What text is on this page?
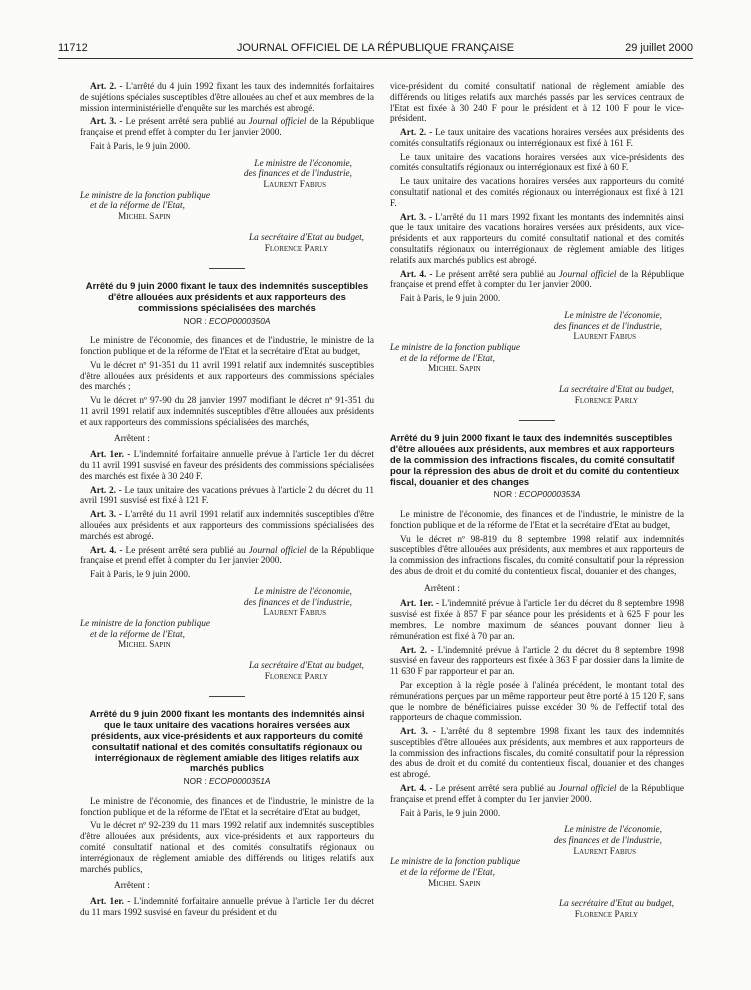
11712	JOURNAL OFFICIEL DE LA RÉPUBLIQUE FRANÇAISE	29 juillet 2000

Art. 2. - L'arrêté du 4 juin 1992 fixant les taux des indemnités forfaitaires de sujétions spéciales susceptibles d'être allouées au chef et aux membres de la mission interministérielle d'enquête sur les marchés est abrogé.

Art. 3. - Le présent arrêté sera publié au Journal officiel de la République française et prend effet à compter du 1er janvier 2000.

Fait à Paris, le 9 juin 2000.
Le ministre de l'économie,
des finances et de l'industrie,
Laurent Fabius
Le ministre de la fonction publique
et de la réforme de l'Etat,
Michel Sapin
La secrétaire d'Etat au budget,
Florence Parly
Arrêté du 9 juin 2000 fixant le taux des indemnités susceptibles d'être allouées aux présidents et aux rapporteurs des commissions spécialisées des marchés
NOR : ECOP0000350A

Le ministre de l'économie, des finances et de l'industrie, le ministre de la fonction publique et de la réforme de l'Etat et la secrétaire d'Etat au budget,

Vu le décret nº 91-351 du 11 avril 1991 relatif aux indemnités susceptibles d'être allouées aux présidents et aux rapporteurs des commissions spéciales des marchés ;

Vu le décret nº 97-90 du 28 janvier 1997 modifiant le décret nº 91-351 du 11 avril 1991 relatif aux indemnités susceptibles d'être allouées aux présidents et aux rapporteurs des commissions spécialisées des marchés,

Arrêtent :

Art. 1er. - L'indemnité forfaitaire annuelle prévue à l'article 1er du décret du 11 avril 1991 susvisé en faveur des présidents des commissions spécialisées des marchés est fixée à 30 240 F.

Art. 2. - Le taux unitaire des vacations prévues à l'article 2 du décret du 11 avril 1991 susvisé est fixé à 121 F.

Art. 3. - L'arrêté du 11 avril 1991 relatif aux indemnités susceptibles d'être allouées aux présidents et aux rapporteurs des commissions spécialisées des marchés est abrogé.

Art. 4. - Le présent arrêté sera publié au Journal officiel de la République française et prend effet à compter du 1er janvier 2000.

Fait à Paris, le 9 juin 2000.
Le ministre de l'économie,
des finances et de l'industrie,
Laurent Fabius
Le ministre de la fonction publique
et de la réforme de l'Etat,
Michel Sapin
La secrétaire d'Etat au budget,
Florence Parly
Arrêté du 9 juin 2000 fixant les montants des indemnités ainsi que le taux unitaire des vacations horaires versées aux présidents, aux vice-présidents et aux rapporteurs du comité consultatif national et des comités consultatifs régionaux ou interrégionaux de règlement amiable des litiges relatifs aux marchés publics
NOR : ECOP0000351A

Le ministre de l'économie, des finances et de l'industrie, le ministre de la fonction publique et de la réforme de l'Etat et la secrétaire d'Etat au budget,

Vu le décret nº 92-239 du 11 mars 1992 relatif aux indemnités susceptibles d'être allouées aux présidents, aux vice-présidents et aux rapporteurs du comité consultatif national et des comités consultatifs régionaux ou interrégionaux de règlement amiable des différends ou litiges relatifs aux marchés publics,

Arrêtent :

Art. 1er. - L'indemnité forfaitaire annuelle prévue à l'article 1er du décret du 11 mars 1992 susvisé en faveur du président et du

vice-président du comité consultatif national de règlement amiable des différends ou litiges relatifs aux marchés passés par les services centraux de l'Etat est fixée à 30 240 F pour le président et à 12 100 F pour le vice-président.

Art. 2. - Le taux unitaire des vacations horaires versées aux présidents des comités consultatifs régionaux ou interrégionaux est fixé à 161 F.

Le taux unitaire des vacations horaires versées aux vice-présidents des comités consultatifs régionaux ou interrégionaux est fixé à 60 F.

Le taux unitaire des vacations horaires versées aux rapporteurs du comité consultatif national et des comités régionaux ou interrégionaux est fixé à 121 F.

Art. 3. - L'arrêté du 11 mars 1992 fixant les montants des indemnités ainsi que le taux unitaire des vacations horaires versées aux présidents, aux vice-présidents et aux rapporteurs du comité consultatif national et des comités consultatifs régionaux ou interrégionaux de règlement amiable des litiges relatifs aux marchés publics est abrogé.

Art. 4. - Le présent arrêté sera publié au Journal officiel de la République française et prend effet à compter du 1er janvier 2000.

Fait à Paris, le 9 juin 2000.
Le ministre de l'économie,
des finances et de l'industrie,
Laurent Fabius
Le ministre de la fonction publique
et de la réforme de l'Etat,
Michel Sapin
La secrétaire d'Etat au budget,
Florence Parly
Arrêté du 9 juin 2000 fixant le taux des indemnités susceptibles d'être allouées aux présidents, aux membres et aux rapporteurs de la commission des infractions fiscales, du comité consultatif pour la répression des abus de droit et du comité du contentieux fiscal, douanier et des changes
NOR : ECOP0000353A

Le ministre de l'économie, des finances et de l'industrie, le ministre de la fonction publique et de la réforme de l'Etat et la secrétaire d'Etat au budget,

Vu le décret nº 98-819 du 8 septembre 1998 relatif aux indemnités susceptibles d'être allouées aux présidents, aux membres et aux rapporteurs de la commission des infractions fiscales, du comité consultatif pour la répression des abus de droit et du comité du contentieux fiscal, douanier et des changes,

Arrêtent :

Art. 1er. - L'indemnité prévue à l'article 1er du décret du 8 septembre 1998 susvisé est fixée à 857 F par séance pour les présidents et à 625 F pour les membres. Le nombre maximum de séances pouvant donner lieu à rémunération est fixé à 70 par an.

Art. 2. - L'indemnité prévue à l'article 2 du décret du 8 septembre 1998 susvisé en faveur des rapporteurs est fixée à 363 F par dossier dans la limite de 11 630 F par rapporteur et par an.

Par exception à la règle posée à l'alinéa précédent, le montant total des rémunérations perçues par un même rapporteur peut être porté à 15 120 F, sans que le nombre de bénéficiaires puisse excéder 30 % de l'effectif total des rapporteurs de chaque commission.

Art. 3. - L'arrêté du 8 septembre 1998 fixant les taux des indemnités susceptibles d'être allouées aux présidents, aux membres et aux rapporteurs de la commission des infractions fiscales, du comité consultatif pour la répression des abus de droit et du comité du contentieux fiscal, douanier et des changes est abrogé.

Art. 4. - Le présent arrêté sera publié au Journal officiel de la République française et prend effet à compter du 1er janvier 2000.

Fait à Paris, le 9 juin 2000.
Le ministre de l'économie,
des finances et de l'industrie,
Laurent Fabius
Le ministre de la fonction publique
et de la réforme de l'Etat,
Michel Sapin
La secrétaire d'Etat au budget,
Florence Parly
